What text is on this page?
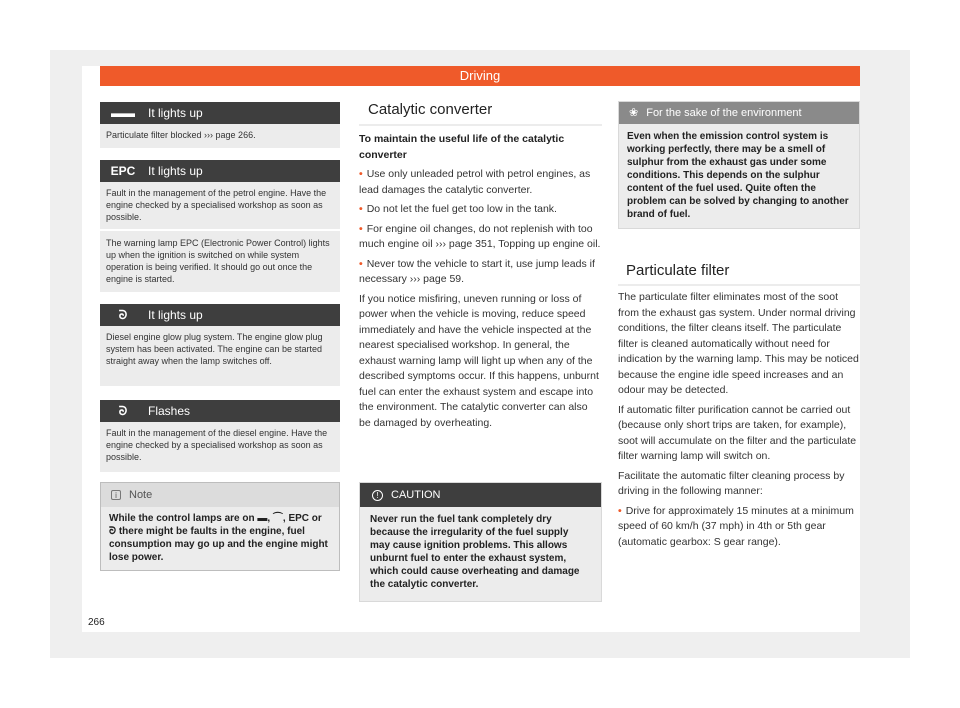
Driving
▬▬ It lights up

Particulate filter blocked ››› page 266.

EPC It lights up

Fault in the management of the petrol engine. Have the engine checked by a specialised workshop as soon as possible.

The warning lamp EPC (Electronic Power Control) lights up when the ignition is switched on while system operation is being verified. It should go out once the engine is started.

ᘐ	It lights up

Diesel engine glow plug system. The engine glow plug system has been activated. The engine can be started straight away when the lamp switches off.

ᘐ	Flashes

Fault in the management of the diesel engine. Have the engine checked by a specialised workshop as soon as possible.

i Note
While the control lamps are on ▬, ⌒, EPC or ᘐ there might be faults in the engine, fuel consumption may go up and the engine might lose power.
Catalytic converter

To maintain the useful life of the catalytic converter

• Use only unleaded petrol with petrol engines, as lead damages the catalytic converter.

• Do not let the fuel get too low in the tank.

• For engine oil changes, do not replenish with too much engine oil ››› page 351, Topping up engine oil.

• Never tow the vehicle to start it, use jump leads if necessary ››› page 59.

If you notice misfiring, uneven running or loss of power when the vehicle is moving, reduce speed immediately and have the vehicle inspected at the nearest specialised workshop. In general, the exhaust warning lamp will light up when any of the described symptoms occur. If this happens, unburnt fuel can enter the exhaust system and escape into the environment. The catalytic converter can also be damaged by overheating.

! CAUTION
Never run the fuel tank completely dry because the irregularity of the fuel supply may cause ignition problems. This allows unburnt fuel to enter the exhaust system, which could cause overheating and damage the catalytic converter.
❀ For the sake of the environment
Even when the emission control system is working perfectly, there may be a smell of sulphur from the exhaust gas under some conditions. This depends on the sulphur content of the fuel used. Quite often the problem can be solved by changing to another brand of fuel.
Particulate filter

The particulate filter eliminates most of the soot from the exhaust gas system. Under normal driving conditions, the filter cleans itself. The particulate filter is cleaned automatically without need for indication by the warning lamp. This may be noticed because the engine idle speed increases and an odour may be detected.

If automatic filter purification cannot be carried out (because only short trips are taken, for example), soot will accumulate on the filter and the particulate filter warning lamp will switch on.

Facilitate the automatic filter cleaning process by driving in the following manner:

• Drive for approximately 15 minutes at a minimum speed of 60 km/h (37 mph) in 4th or 5th gear (automatic gearbox: S gear range).

266
